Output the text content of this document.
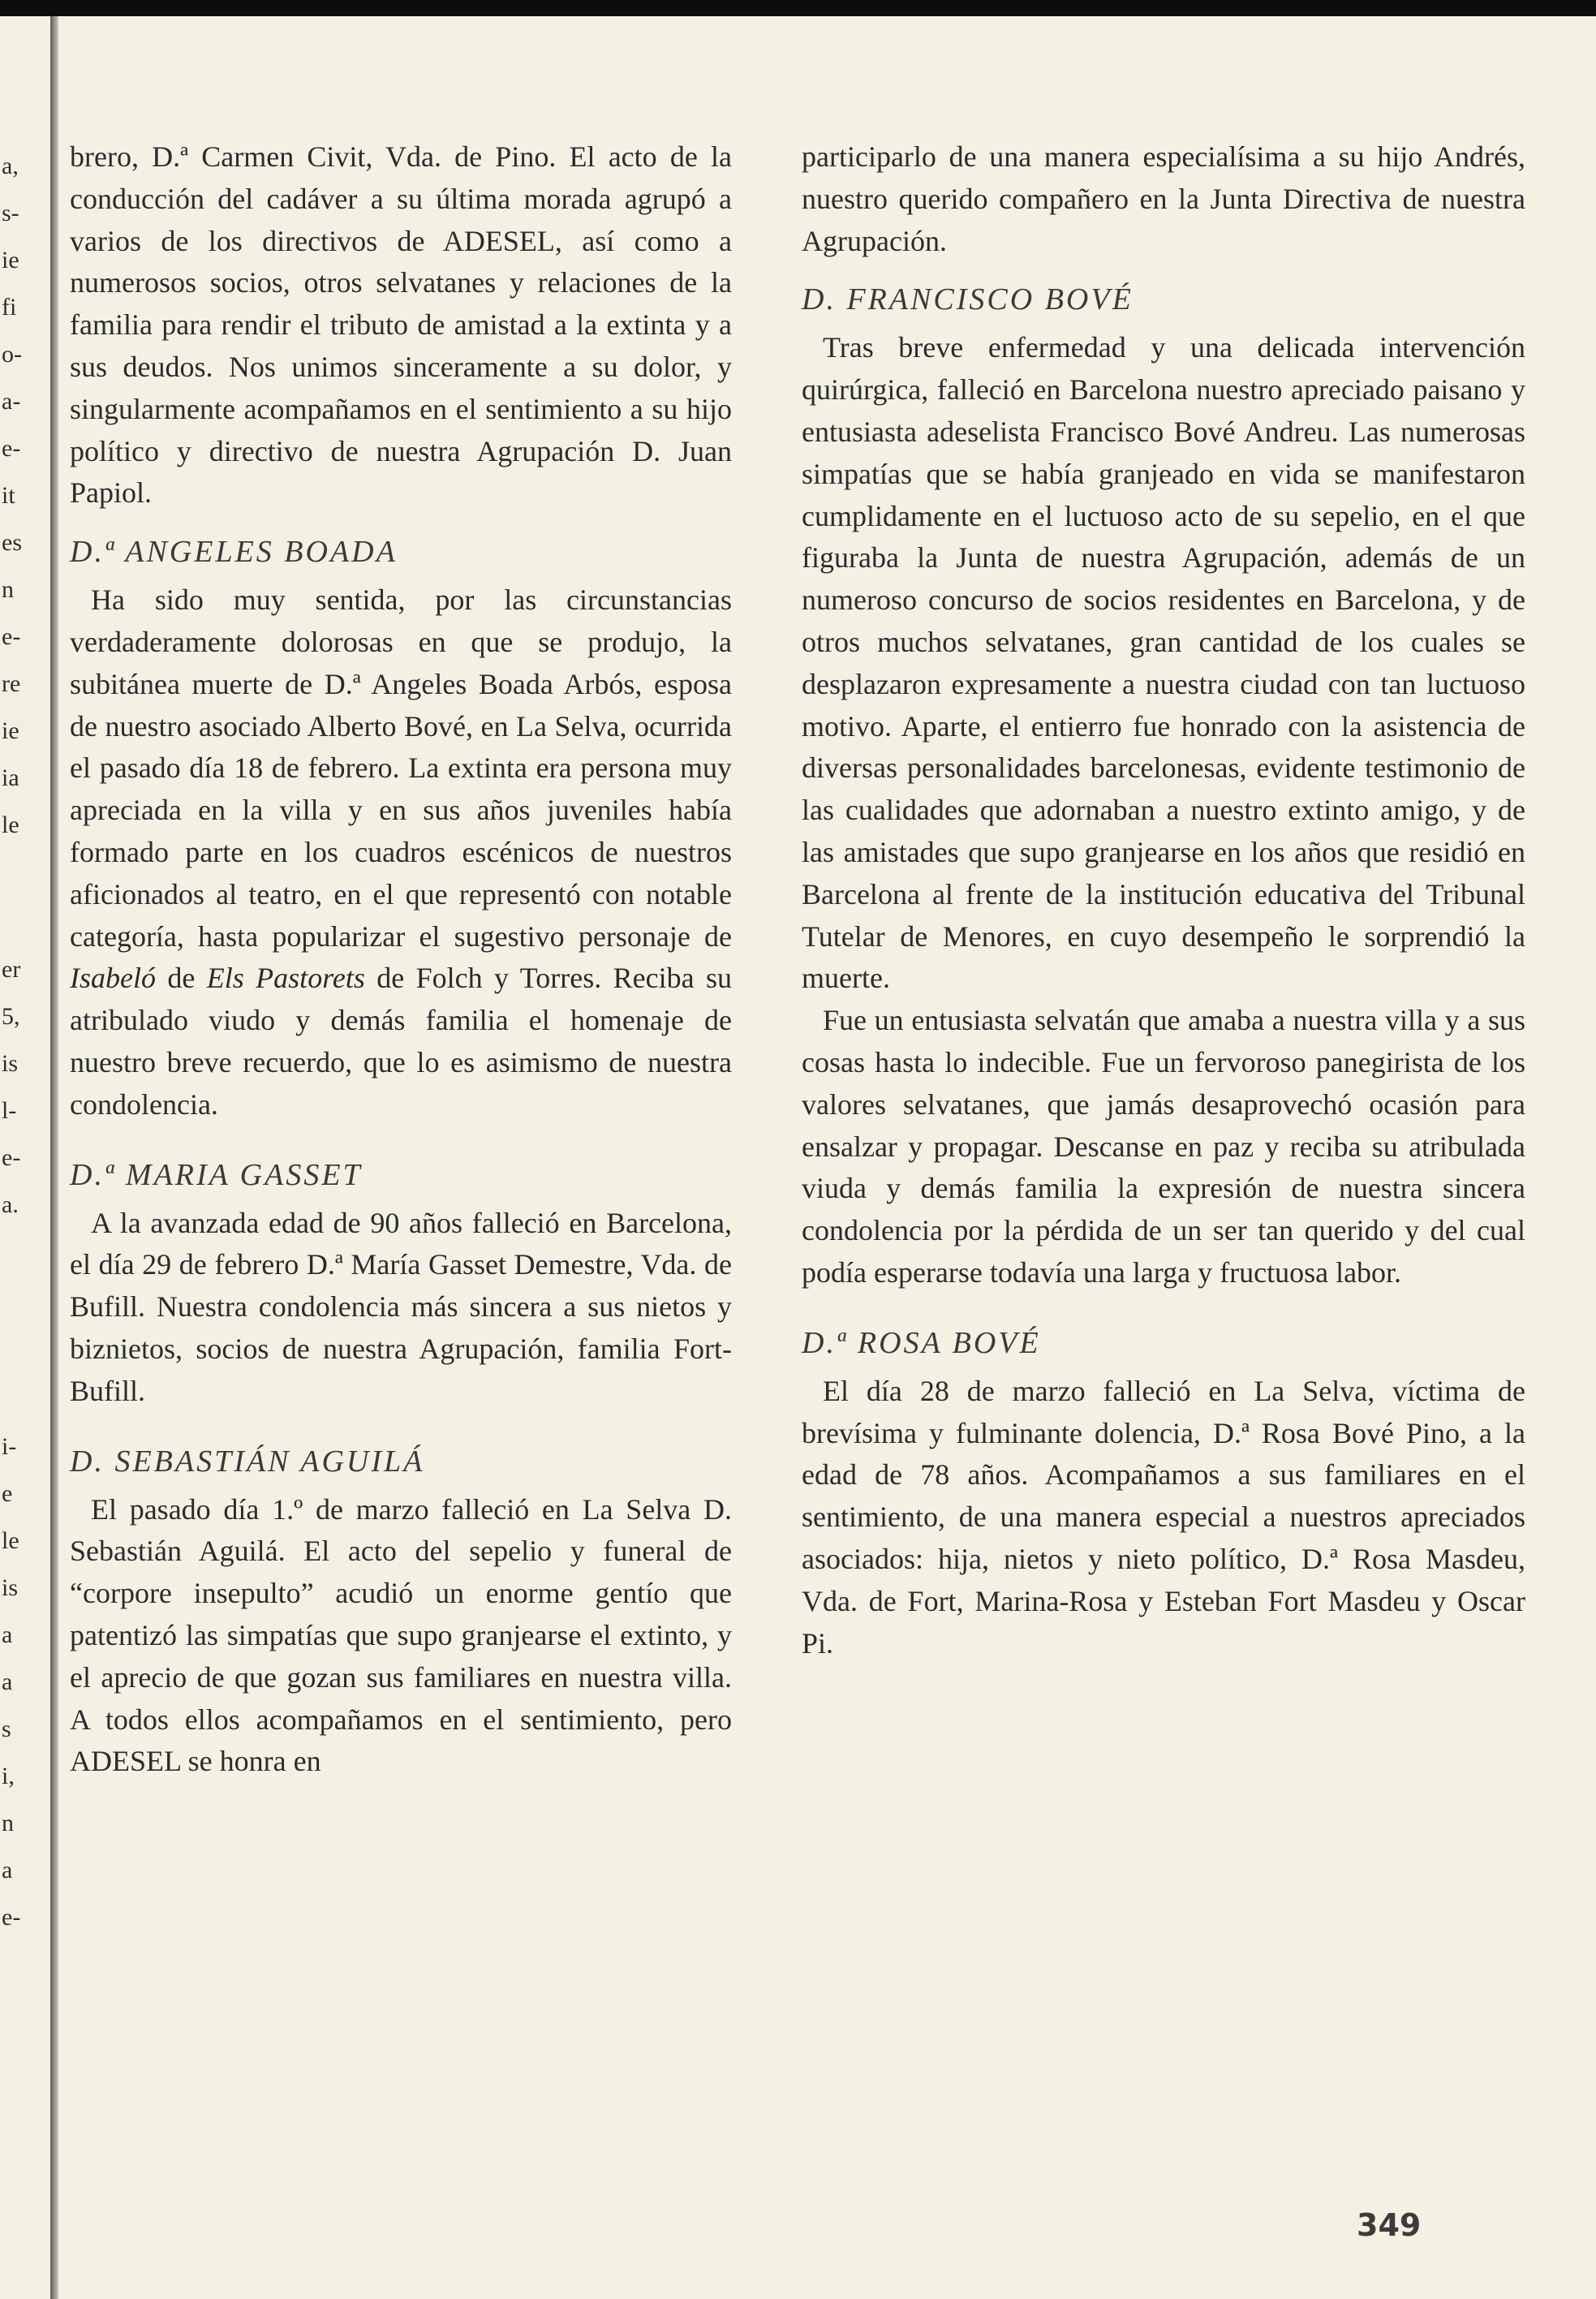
a,
s-
ie
fi
o-
a-
e-
it
es
n
e-
re
ie
ia
le
er
5,
is
l-
e-
a.
i-
e
le
is
a
a
s
i,
n
a
e-

brero, D.ª Carmen Civit, Vda. de Pino. El acto de la conducción del cadáver a su última morada agrupó a varios de los directivos de ADESEL, así como a numerosos socios, otros selvatanes y relaciones de la familia para rendir el tributo de amistad a la extinta y a sus deudos. Nos unimos sinceramente a su dolor, y singularmente acompañamos en el sentimiento a su hijo político y directivo de nuestra Agrupación D. Juan Papiol.

D.ª ANGELES BOADA

Ha sido muy sentida, por las circunstancias verdaderamente dolorosas en que se produjo, la subitánea muerte de D.ª Angeles Boada Arbós, esposa de nuestro asociado Alberto Bové, en La Selva, ocurrida el pasado día 18 de febrero. La extinta era persona muy apreciada en la villa y en sus años juveniles había formado parte en los cuadros escénicos de nuestros aficionados al teatro, en el que representó con notable categoría, hasta popularizar el sugestivo personaje de Isabeló de Els Pastorets de Folch y Torres. Reciba su atribulado viudo y demás familia el homenaje de nuestro breve recuerdo, que lo es asimismo de nuestra condolencia.

D.ª MARIA GASSET

A la avanzada edad de 90 años falleció en Barcelona, el día 29 de febrero D.ª María Gasset Demestre, Vda. de Bufill. Nuestra condolencia más sincera a sus nietos y biznietos, socios de nuestra Agrupación, familia Fort-Bufill.

D. SEBASTIÁN AGUILÁ

El pasado día 1.º de marzo falleció en La Selva D. Sebastián Aguilá. El acto del sepelio y funeral de “corpore insepulto” acudió un enorme gentío que patentizó las simpatías que supo granjearse el extinto, y el aprecio de que gozan sus familiares en nuestra villa. A todos ellos acompañamos en el sentimiento, pero ADESEL se honra en

participarlo de una manera especialísima a su hijo Andrés, nuestro querido compañero en la Junta Directiva de nuestra Agrupación.

D. FRANCISCO BOVÉ

Tras breve enfermedad y una delicada intervención quirúrgica, falleció en Barcelona nuestro apreciado paisano y entusiasta adeselista Francisco Bové Andreu. Las numerosas simpatías que se había granjeado en vida se manifestaron cumplidamente en el luctuoso acto de su sepelio, en el que figuraba la Junta de nuestra Agrupación, además de un numeroso concurso de socios residentes en Barcelona, y de otros muchos selvatanes, gran cantidad de los cuales se desplazaron expresamente a nuestra ciudad con tan luctuoso motivo. Aparte, el entierro fue honrado con la asistencia de diversas personalidades barcelonesas, evidente testimonio de las cualidades que adornaban a nuestro extinto amigo, y de las amistades que supo granjearse en los años que residió en Barcelona al frente de la institución educativa del Tribunal Tutelar de Menores, en cuyo desempeño le sorprendió la muerte.

Fue un entusiasta selvatán que amaba a nuestra villa y a sus cosas hasta lo indecible. Fue un fervoroso panegirista de los valores selvatanes, que jamás desaprovechó ocasión para ensalzar y propagar. Descanse en paz y reciba su atribulada viuda y demás familia la expresión de nuestra sincera condolencia por la pérdida de un ser tan querido y del cual podía esperarse todavía una larga y fructuosa labor.

D.ª ROSA BOVÉ

El día 28 de marzo falleció en La Selva, víctima de brevísima y fulminante dolencia, D.ª Rosa Bové Pino, a la edad de 78 años. Acompañamos a sus familiares en el sentimiento, de una manera especial a nuestros apreciados asociados: hija, nietos y nieto político, D.ª Rosa Masdeu, Vda. de Fort, Marina-Rosa y Esteban Fort Masdeu y Oscar Pi.

349
